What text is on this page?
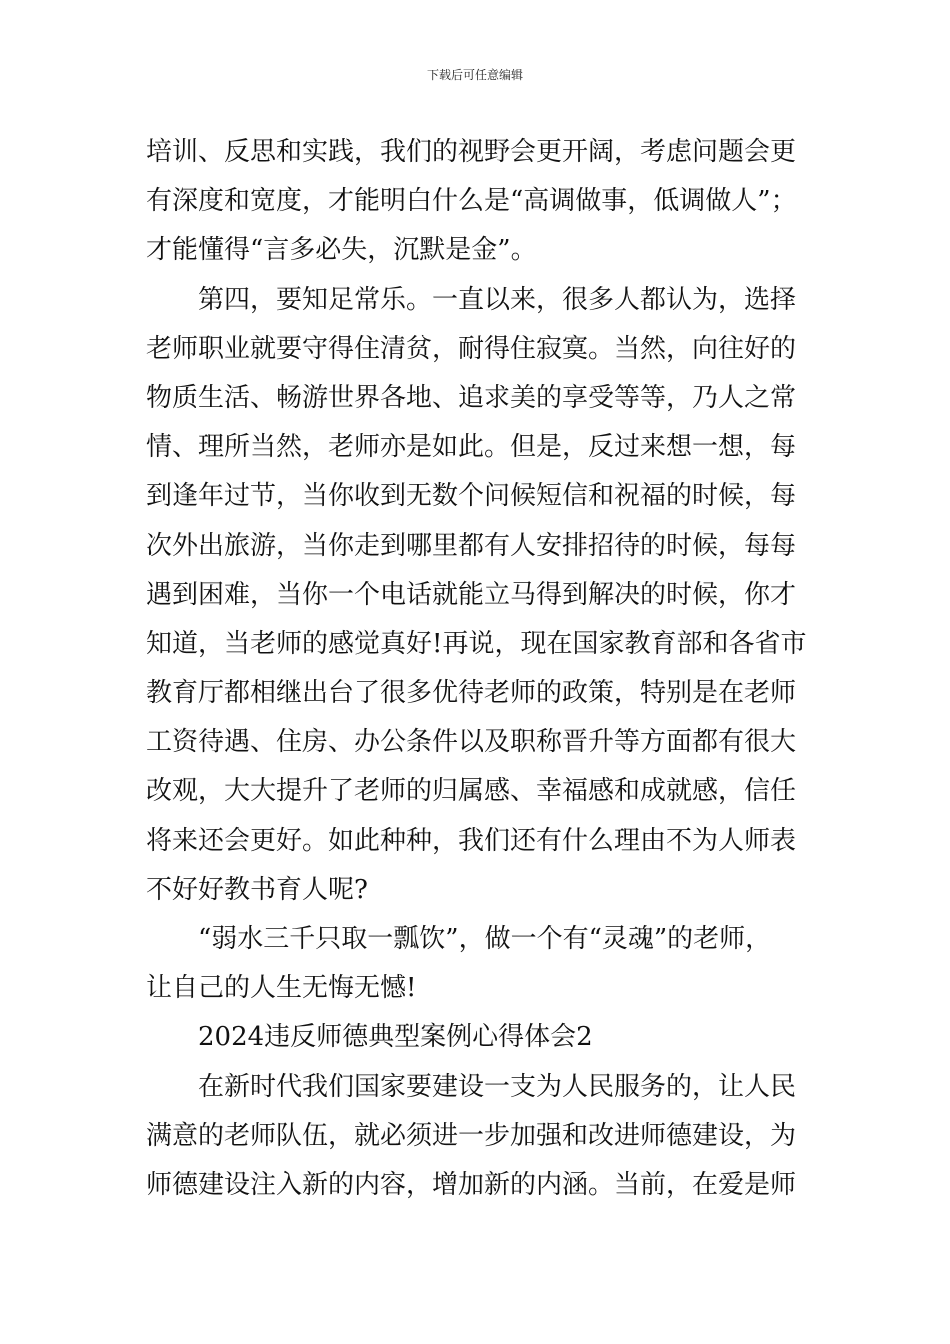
下载后可任意编辑
培训、反思和实践，我们的视野会更开阔，考虑问题会更
有深度和宽度，才能明白什么是“高调做事，低调做人”；
才能懂得“言多必失，沉默是金”。
第四，要知足常乐。一直以来，很多人都认为，选择
老师职业就要守得住清贫，耐得住寂寞。当然，向往好的
物质生活、畅游世界各地、追求美的享受等等，乃人之常
情、理所当然，老师亦是如此。但是，反过来想一想，每
到逢年过节，当你收到无数个问候短信和祝福的时候，每
次外出旅游，当你走到哪里都有人安排招待的时候，每每
遇到困难，当你一个电话就能立马得到解决的时候，你才
知道，当老师的感觉真好!再说，现在国家教育部和各省市
教育厅都相继出台了很多优待老师的政策，特别是在老师
工资待遇、住房、办公条件以及职称晋升等方面都有很大
改观，大大提升了老师的归属感、幸福感和成就感，信任
将来还会更好。如此种种，我们还有什么理由不为人师表
不好好教书育人呢?
“弱水三千只取一瓢饮”，做一个有“灵魂”的老师，
让自己的人生无悔无憾!
2024违反师德典型案例心得体会2
在新时代我们国家要建设一支为人民服务的，让人民
满意的老师队伍，就必须进一步加强和改进师德建设，为
师德建设注入新的内容，增加新的内涵。当前，在爱是师
